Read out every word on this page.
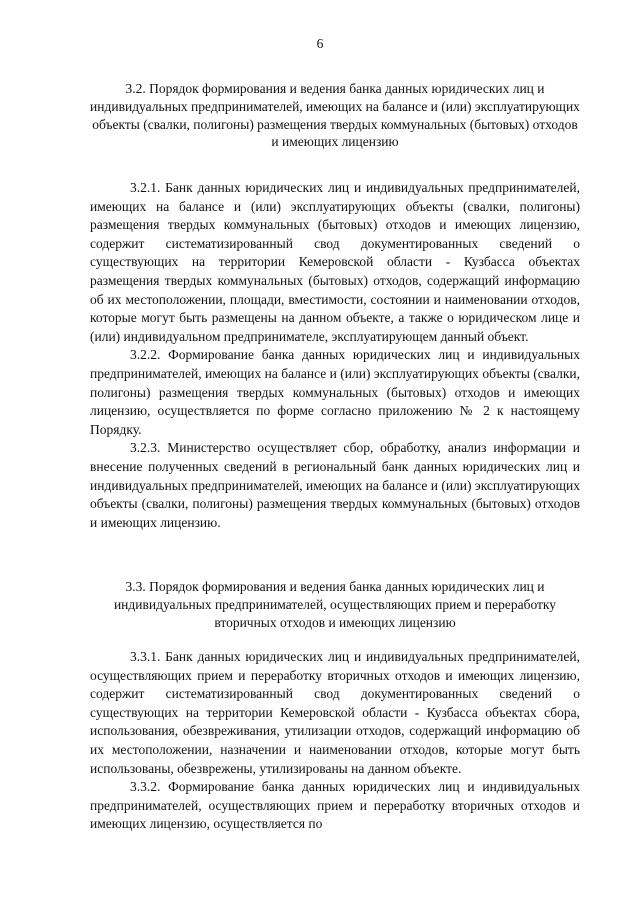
6
3.2. Порядок формирования и ведения банка данных юридических лиц и индивидуальных предпринимателей, имеющих на балансе и (или) эксплуатирующих объекты (свалки, полигоны) размещения твердых коммунальных (бытовых) отходов и имеющих лицензию
3.2.1. Банк данных юридических лиц и индивидуальных предпринимателей, имеющих на балансе и (или) эксплуатирующих объекты (свалки, полигоны) размещения твердых коммунальных (бытовых) отходов и имеющих лицензию, содержит систематизированный свод документированных сведений о существующих на территории Кемеровской области - Кузбасса объектах размещения твердых коммунальных (бытовых) отходов, содержащий информацию об их местоположении, площади, вместимости, состоянии и наименовании отходов, которые могут быть размещены на данном объекте, а также о юридическом лице и (или) индивидуальном предпринимателе, эксплуатирующем данный объект.
3.2.2. Формирование банка данных юридических лиц и индивидуальных предпринимателей, имеющих на балансе и (или) эксплуатирующих объекты (свалки, полигоны) размещения твердых коммунальных (бытовых) отходов и имеющих лицензию, осуществляется по форме согласно приложению № 2 к настоящему Порядку.
3.2.3. Министерство осуществляет сбор, обработку, анализ информации и внесение полученных сведений в региональный банк данных юридических лиц и индивидуальных предпринимателей, имеющих на балансе и (или) эксплуатирующих объекты (свалки, полигоны) размещения твердых коммунальных (бытовых) отходов и имеющих лицензию.
3.3. Порядок формирования и ведения банка данных юридических лиц и индивидуальных предпринимателей, осуществляющих прием и переработку вторичных отходов и имеющих лицензию
3.3.1. Банк данных юридических лиц и индивидуальных предпринимателей, осуществляющих прием и переработку вторичных отходов и имеющих лицензию, содержит систематизированный свод документированных сведений о существующих на территории Кемеровской области - Кузбасса объектах сбора, использования, обезвреживания, утилизации отходов, содержащий информацию об их местоположении, назначении и наименовании отходов, которые могут быть использованы, обезврежены, утилизированы на данном объекте.
3.3.2. Формирование банка данных юридических лиц и индивидуальных предпринимателей, осуществляющих прием и переработку вторичных отходов и имеющих лицензию, осуществляется по
